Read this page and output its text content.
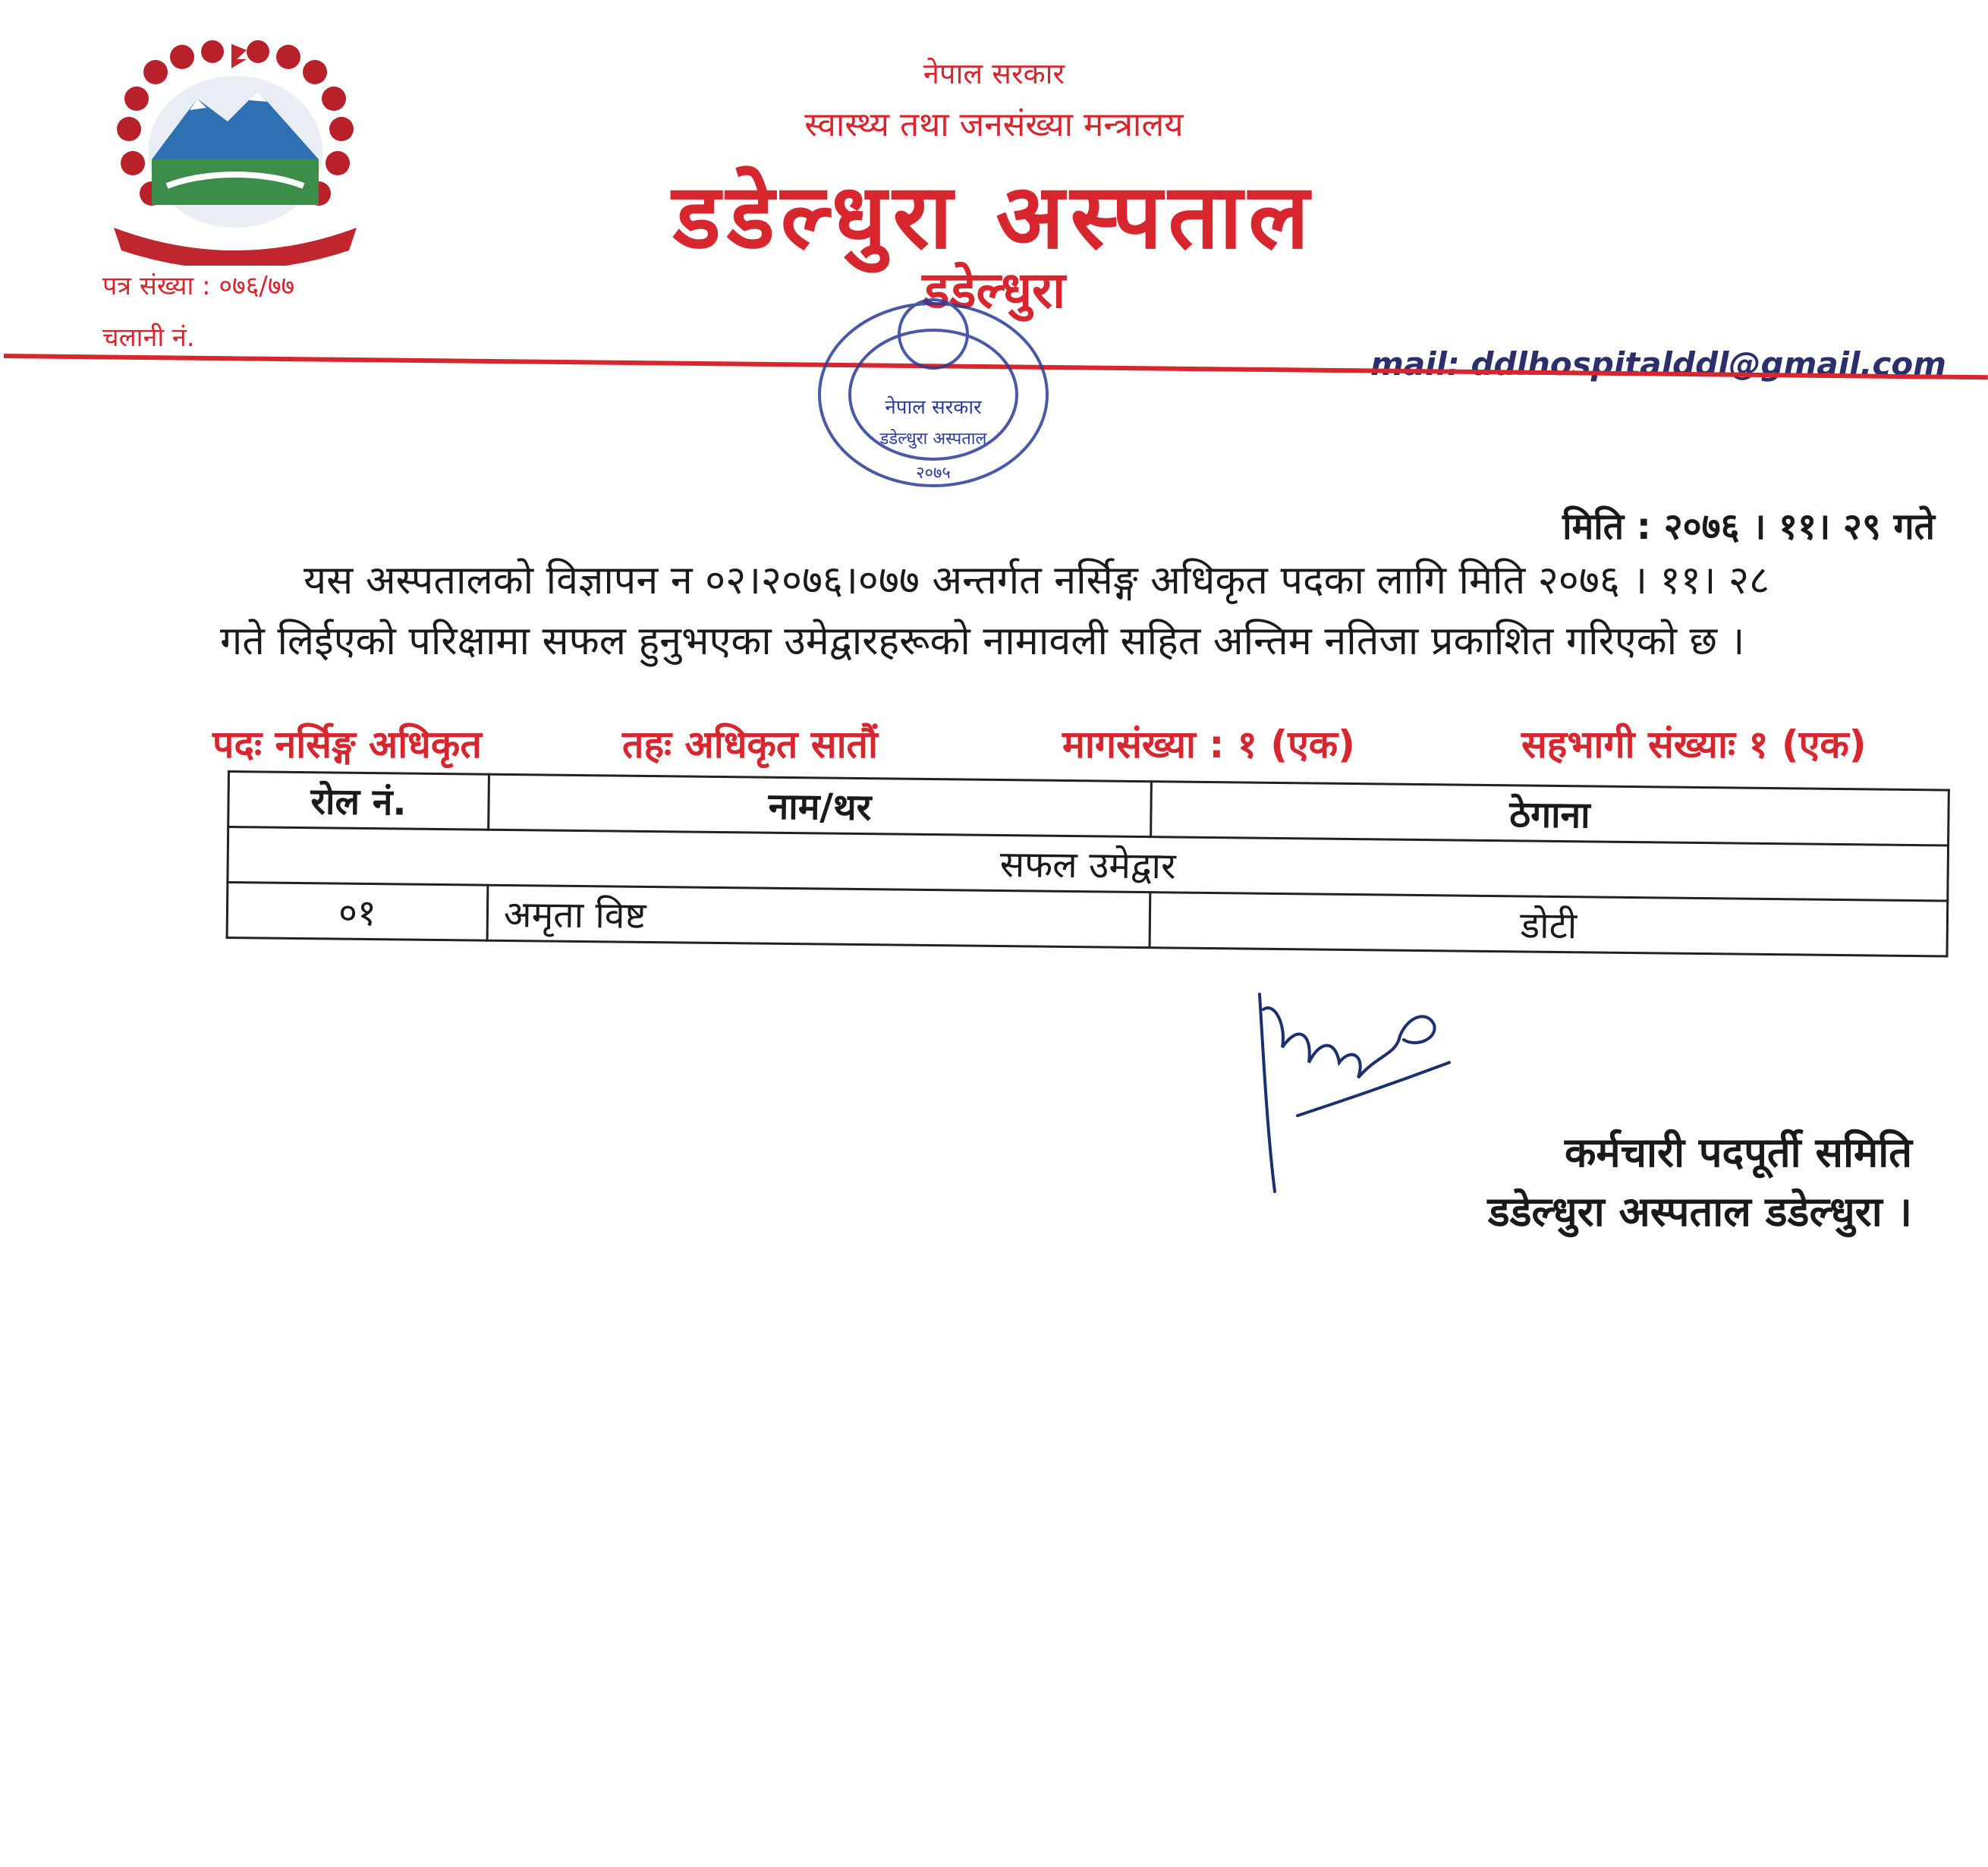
नेपाल सरकार
स्वास्थ्य तथा जनसंख्या मन्त्रालय
डडेल्धुरा अस्पताल
डडेल्धुरा
पत्र संख्या : ०७६/७७
चलानी नं.
mail: ddlhospitalddl@gmail.com
नेपाल सरकार
डडेल्धुरा अस्पताल
२०७५
मिति : २०७६ । ११। २९ गते
यस अस्पतालको विज्ञापन न ०२।२०७६।०७७ अन्तर्गत नर्सिङ्ग अधिकृत पदका लागि मिति २०७६ । ११। २८
गते लिईएको परिक्षामा सफल हुनुभएका उमेद्वारहरूको नामावली सहित अन्तिम नतिजा प्रकाशित गरिएको छ ।
पदः नर्सिङ्ग अधिकृत	तहः अधिकृत सातौं	मागसंख्या : १ (एक)	सहभागी संख्याः १ (एक)
रोल नं.	नाम/थर	ठेगाना
सफल उमेद्वार		
०१	अमृता विष्ट	डोटी
कर्मचारी पदपूर्ती समिति
डडेल्धुरा अस्पताल डडेल्धुरा ।
